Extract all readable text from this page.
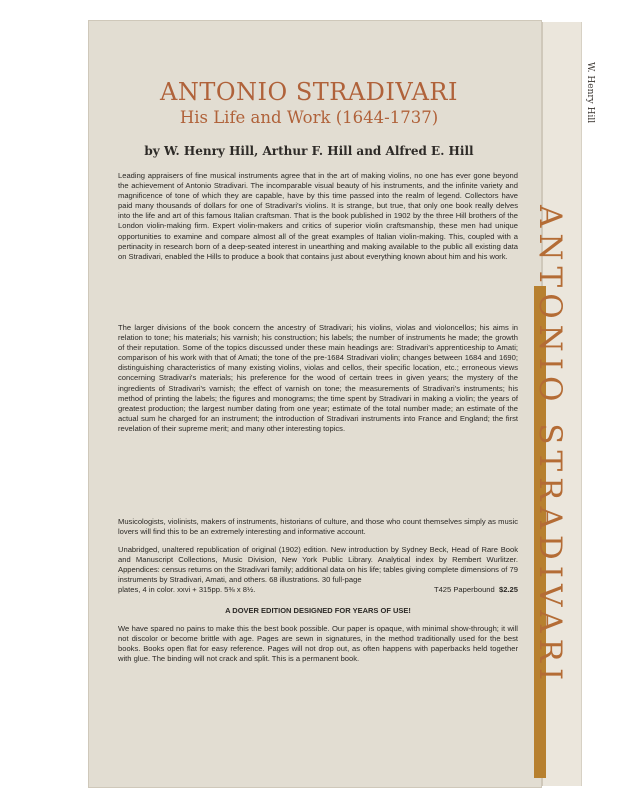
W. Henry Hill
ANTONIO STRADIVARI
ANTONIO STRADIVARI
His Life and Work (1644-1737)
by W. Henry Hill, Arthur F. Hill and Alfred E. Hill
Leading appraisers of fine musical instruments agree that in the art of making violins, no one has ever gone beyond the achievement of Antonio Stradivari. The incomparable visual beauty of his instruments, and the infinite variety and magnificence of tone of which they are capable, have by this time passed into the realm of legend. Collectors have paid many thousands of dollars for one of Stradivari's violins. It is strange, but true, that only one book really delves into the life and art of this famous Italian craftsman. That is the book published in 1902 by the three Hill brothers of the London violin-making firm. Expert violin-makers and critics of superior violin craftsmanship, these men had unique opportunities to examine and compare almost all of the great examples of Italian violin-making. This, coupled with a pertinacity in research born of a deep-seated interest in unearthing and making available to the public all existing data on Stradivari, enabled the Hills to produce a book that contains just about everything known about him and his work.
The larger divisions of the book concern the ancestry of Stradivari; his violins, violas and violoncellos; his aims in relation to tone; his materials; his varnish; his construction; his labels; the number of instruments he made; the growth of their reputation. Some of the topics discussed under these main headings are: Stradivari's apprenticeship to Amati; comparison of his work with that of Amati; the tone of the pre-1684 Stradivari violin; changes between 1684 and 1690; distinguishing characteristics of many existing violins, violas and cellos, their specific location, etc.; erroneous views concerning Stradivari's materials; his preference for the wood of certain trees in given years; the mystery of the ingredients of Stradivari's varnish; the effect of varnish on tone; the measurements of Stradivari's instruments; his method of printing the labels; the figures and monograms; the time spent by Stradivari in making a violin; the years of greatest production; the largest number dating from one year; estimate of the total number made; an estimate of the actual sum he charged for an instrument; the introduction of Stradivari instruments into France and England; the first revelation of their supreme merit; and many other interesting topics.
Musicologists, violinists, makers of instruments, historians of culture, and those who count themselves simply as music lovers will find this to be an extremely interesting and informative account.
Unabridged, unaltered republication of original (1902) edition. New introduction by Sydney Beck, Head of Rare Book and Manuscript Collections, Music Division, New York Public Library. Analytical index by Rembert Wurlitzer. Appendices: census returns on the Stradivari family; additional data on his life; tables giving complete dimensions of 79 instruments by Stradivari, Amati, and others. 68 illustrations. 30 full-page
plates, 4 in color. xxvi + 315pp. 5⅜ x 8½.	T425 Paperbound $2.25
A DOVER EDITION DESIGNED FOR YEARS OF USE!
We have spared no pains to make this the best book possible. Our paper is opaque, with minimal show-through; it will not discolor or become brittle with age. Pages are sewn in signatures, in the method traditionally used for the best books. Books open flat for easy reference. Pages will not drop out, as often happens with paperbacks held together with glue. The binding will not crack and split. This is a permanent book.
